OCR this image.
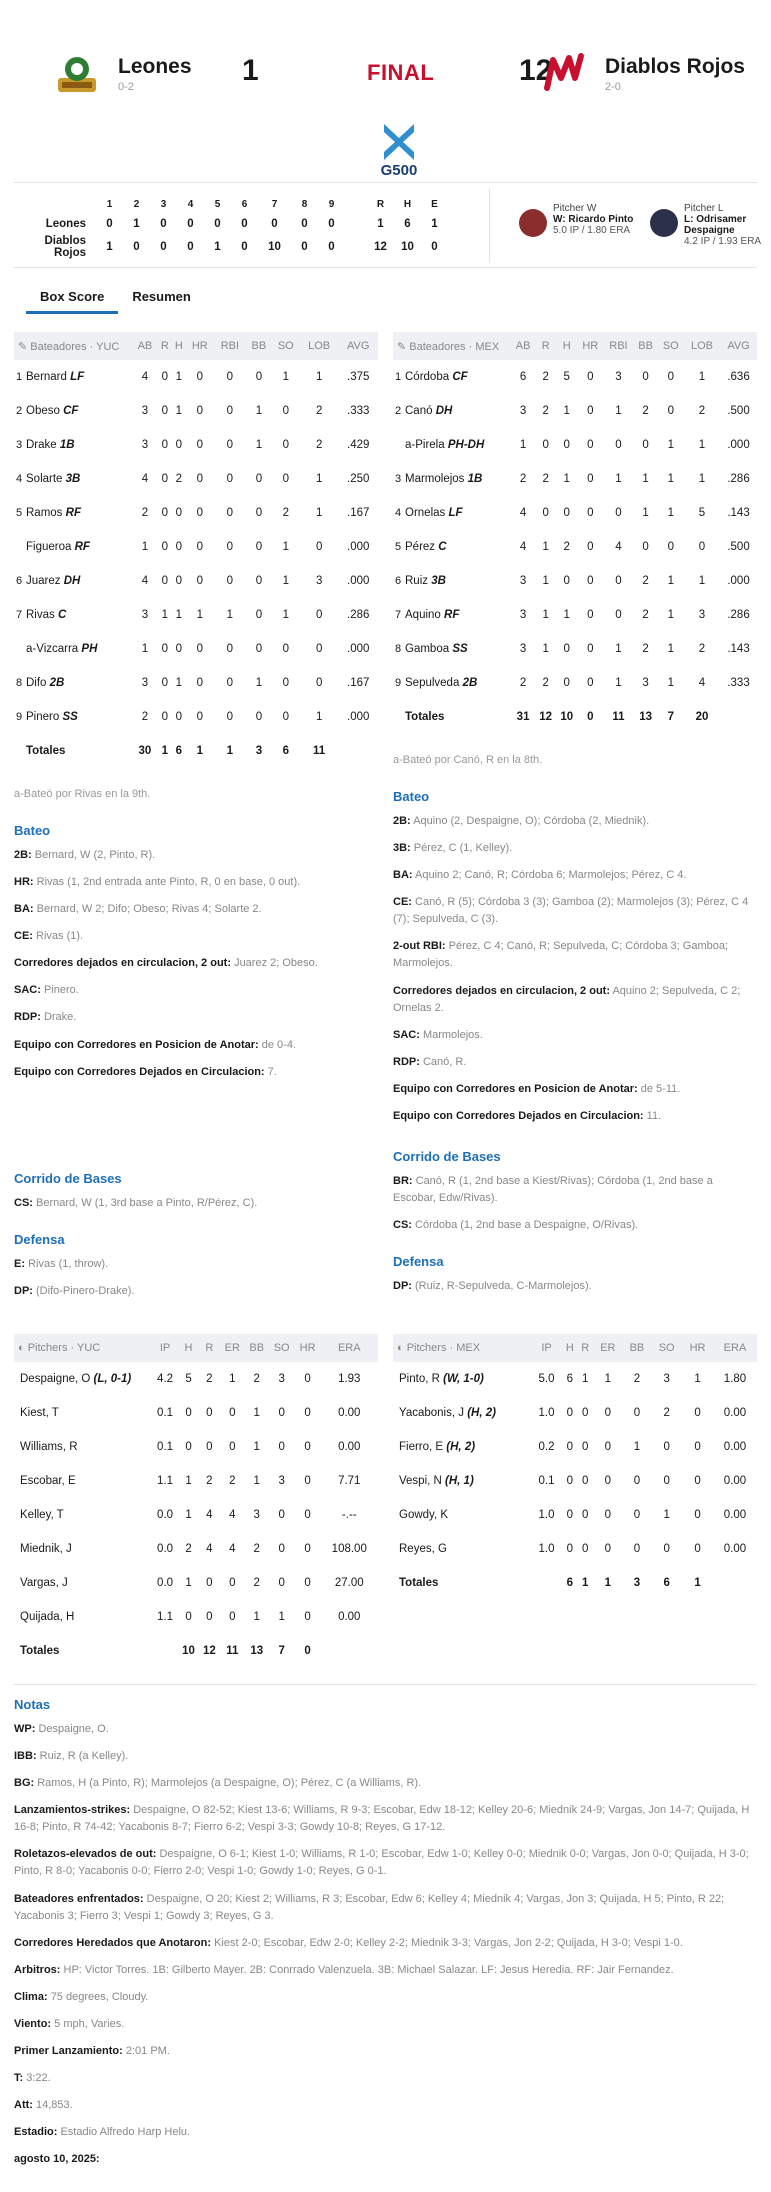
Leones
0-2	1	FINAL	12	Diablos Rojos
2-0
G500
	1	2	3	4	5	6	7	8	9		R	H	E
Leones	0	1	0	0	0	0	0	0	0		1	6	1
Diablos Rojos	1	0	0	0	1	0	10	0	0		12	10	0
Pitcher W
W: Ricardo Pinto
5.0 IP / 1.80 ERA
Pitcher L
L: Odrisamer Despaigne
4.2 IP / 1.93 ERA
Box Score	Resumen
✎ Bateadores · YUC	AB	R	H	HR	RBI	BB	SO	LOB	AVG
1 Bernard LF	4	0	1	0	0	0	1	1	.375
2 Obeso CF	3	0	1	0	0	1	0	2	.333
3 Drake 1B	3	0	0	0	0	1	0	2	.429
4 Solarte 3B	4	0	2	0	0	0	0	1	.250
5 Ramos RF	2	0	0	0	0	0	2	1	.167
Figueroa RF	1	0	0	0	0	0	1	0	.000
6 Juarez DH	4	0	0	0	0	0	1	3	.000
7 Rivas C	3	1	1	1	1	0	1	0	.286
a-Vizcarra PH	1	0	0	0	0	0	0	0	.000
8 Difo 2B	3	0	1	0	0	1	0	0	.167
9 Pinero SS	2	0	0	0	0	0	0	1	.000
Totales	30	1	6	1	1	3	6	11	
a-Bateó por Rivas en la 9th.
Bateo
2B: Bernard, W (2, Pinto, R).
HR: Rivas (1, 2nd entrada ante Pinto, R, 0 en base, 0 out).
BA: Bernard, W 2; Difo; Obeso; Rivas 4; Solarte 2.
CE: Rivas (1).
Corredores dejados en circulacion, 2 out: Juarez 2; Obeso.
SAC: Pinero.
RDP: Drake.
Equipo con Corredores en Posicion de Anotar: de 0-4.
Equipo con Corredores Dejados en Circulacion: 7.
Corrido de Bases
CS: Bernard, W (1, 3rd base a Pinto, R/Pérez, C).
Defensa
E: Rivas (1, throw).
DP: (Difo-Pinero-Drake).
✎ Bateadores · MEX	AB	R	H	HR	RBI	BB	SO	LOB	AVG
1 Córdoba CF	6	2	5	0	3	0	0	1	.636
2 Canó DH	3	2	1	0	1	2	0	2	.500
a-Pirela PH-DH	1	0	0	0	0	0	1	1	.000
3 Marmolejos 1B	2	2	1	0	1	1	1	1	.286
4 Ornelas LF	4	0	0	0	0	1	1	5	.143
5 Pérez C	4	1	2	0	4	0	0	0	.500
6 Ruiz 3B	3	1	0	0	0	2	1	1	.000
7 Aquino RF	3	1	1	0	0	2	1	3	.286
8 Gamboa SS	3	1	0	0	1	2	1	2	.143
9 Sepulveda 2B	2	2	0	0	1	3	1	4	.333
Totales	31	12	10	0	11	13	7	20	
a-Bateó por Canó, R en la 8th.
Bateo
2B: Aquino (2, Despaigne, O); Córdoba (2, Miednik).
3B: Pérez, C (1, Kelley).
BA: Aquino 2; Canó, R; Córdoba 6; Marmolejos; Pérez, C 4.
CE: Canó, R (5); Córdoba 3 (3); Gamboa (2); Marmolejos (3); Pérez, C 4 (7); Sepulveda, C (3).
2-out RBI: Pérez, C 4; Canó, R; Sepulveda, C; Córdoba 3; Gamboa; Marmolejos.
Corredores dejados en circulacion, 2 out: Aquino 2; Sepulveda, C 2; Ornelas 2.
SAC: Marmolejos.
RDP: Canó, R.
Equipo con Corredores en Posicion de Anotar: de 5-11.
Equipo con Corredores Dejados en Circulacion: 11.
Corrido de Bases
BR: Canó, R (1, 2nd base a Kiest/Rivas); Córdoba (1, 2nd base a Escobar, Edw/Rivas).
CS: Córdoba (1, 2nd base a Despaigne, O/Rivas).
Defensa
DP: (Ruiz, R-Sepulveda, C-Marmolejos).
◐ Pitchers · YUC	IP	H	R	ER	BB	SO	HR	ERA
Despaigne, O (L, 0-1)	4.2	5	2	1	2	3	0	1.93
Kiest, T	0.1	0	0	0	1	0	0	0.00
Williams, R	0.1	0	0	0	1	0	0	0.00
Escobar, E	1.1	1	2	2	1	3	0	7.71
Kelley, T	0.0	1	4	4	3	0	0	-.--
Miednik, J	0.0	2	4	4	2	0	0	108.00
Vargas, J	0.0	1	0	0	2	0	0	27.00
Quijada, H	1.1	0	0	0	1	1	0	0.00
Totales		10	12	11	13	7	0	
◐ Pitchers · MEX	IP	H	R	ER	BB	SO	HR	ERA
Pinto, R (W, 1-0)	5.0	6	1	1	2	3	1	1.80
Yacabonis, J (H, 2)	1.0	0	0	0	0	2	0	0.00
Fierro, E (H, 2)	0.2	0	0	0	1	0	0	0.00
Vespi, N (H, 1)	0.1	0	0	0	0	0	0	0.00
Gowdy, K	1.0	0	0	0	0	1	0	0.00
Reyes, G	1.0	0	0	0	0	0	0	0.00
Totales		6	1	1	3	6	1	
Notas
WP: Despaigne, O.
IBB: Ruiz, R (a Kelley).
BG: Ramos, H (a Pinto, R); Marmolejos (a Despaigne, O); Pérez, C (a Williams, R).
Lanzamientos-strikes: Despaigne, O 82-52; Kiest 13-6; Williams, R 9-3; Escobar, Edw 18-12; Kelley 20-6; Miednik 24-9; Vargas, Jon 14-7; Quijada, H 16-8; Pinto, R 74-42; Yacabonis 8-7; Fierro 6-2; Vespi 3-3; Gowdy 10-8; Reyes, G 17-12.
Roletazos-elevados de out: Despaigne, O 6-1; Kiest 1-0; Williams, R 1-0; Escobar, Edw 1-0; Kelley 0-0; Miednik 0-0; Vargas, Jon 0-0; Quijada, H 3-0; Pinto, R 8-0; Yacabonis 0-0; Fierro 2-0; Vespi 1-0; Gowdy 1-0; Reyes, G 0-1.
Bateadores enfrentados: Despaigne, O 20; Kiest 2; Williams, R 3; Escobar, Edw 6; Kelley 4; Miednik 4; Vargas, Jon 3; Quijada, H 5; Pinto, R 22; Yacabonis 3; Fierro 3; Vespi 1; Gowdy 3; Reyes, G 3.
Corredores Heredados que Anotaron: Kiest 2-0; Escobar, Edw 2-0; Kelley 2-2; Miednik 3-3; Vargas, Jon 2-2; Quijada, H 3-0; Vespi 1-0.
Arbitros: HP: Victor Torres. 1B: Gilberto Mayer. 2B: Conrrado Valenzuela. 3B: Michael Salazar. LF: Jesus Heredia. RF: Jair Fernandez.
Clima: 75 degrees, Cloudy.
Viento: 5 mph, Varies.
Primer Lanzamiento: 2:01 PM.
T: 3:22.
Att: 14,853.
Estadio: Estadio Alfredo Harp Helu.
agosto 10, 2025:
